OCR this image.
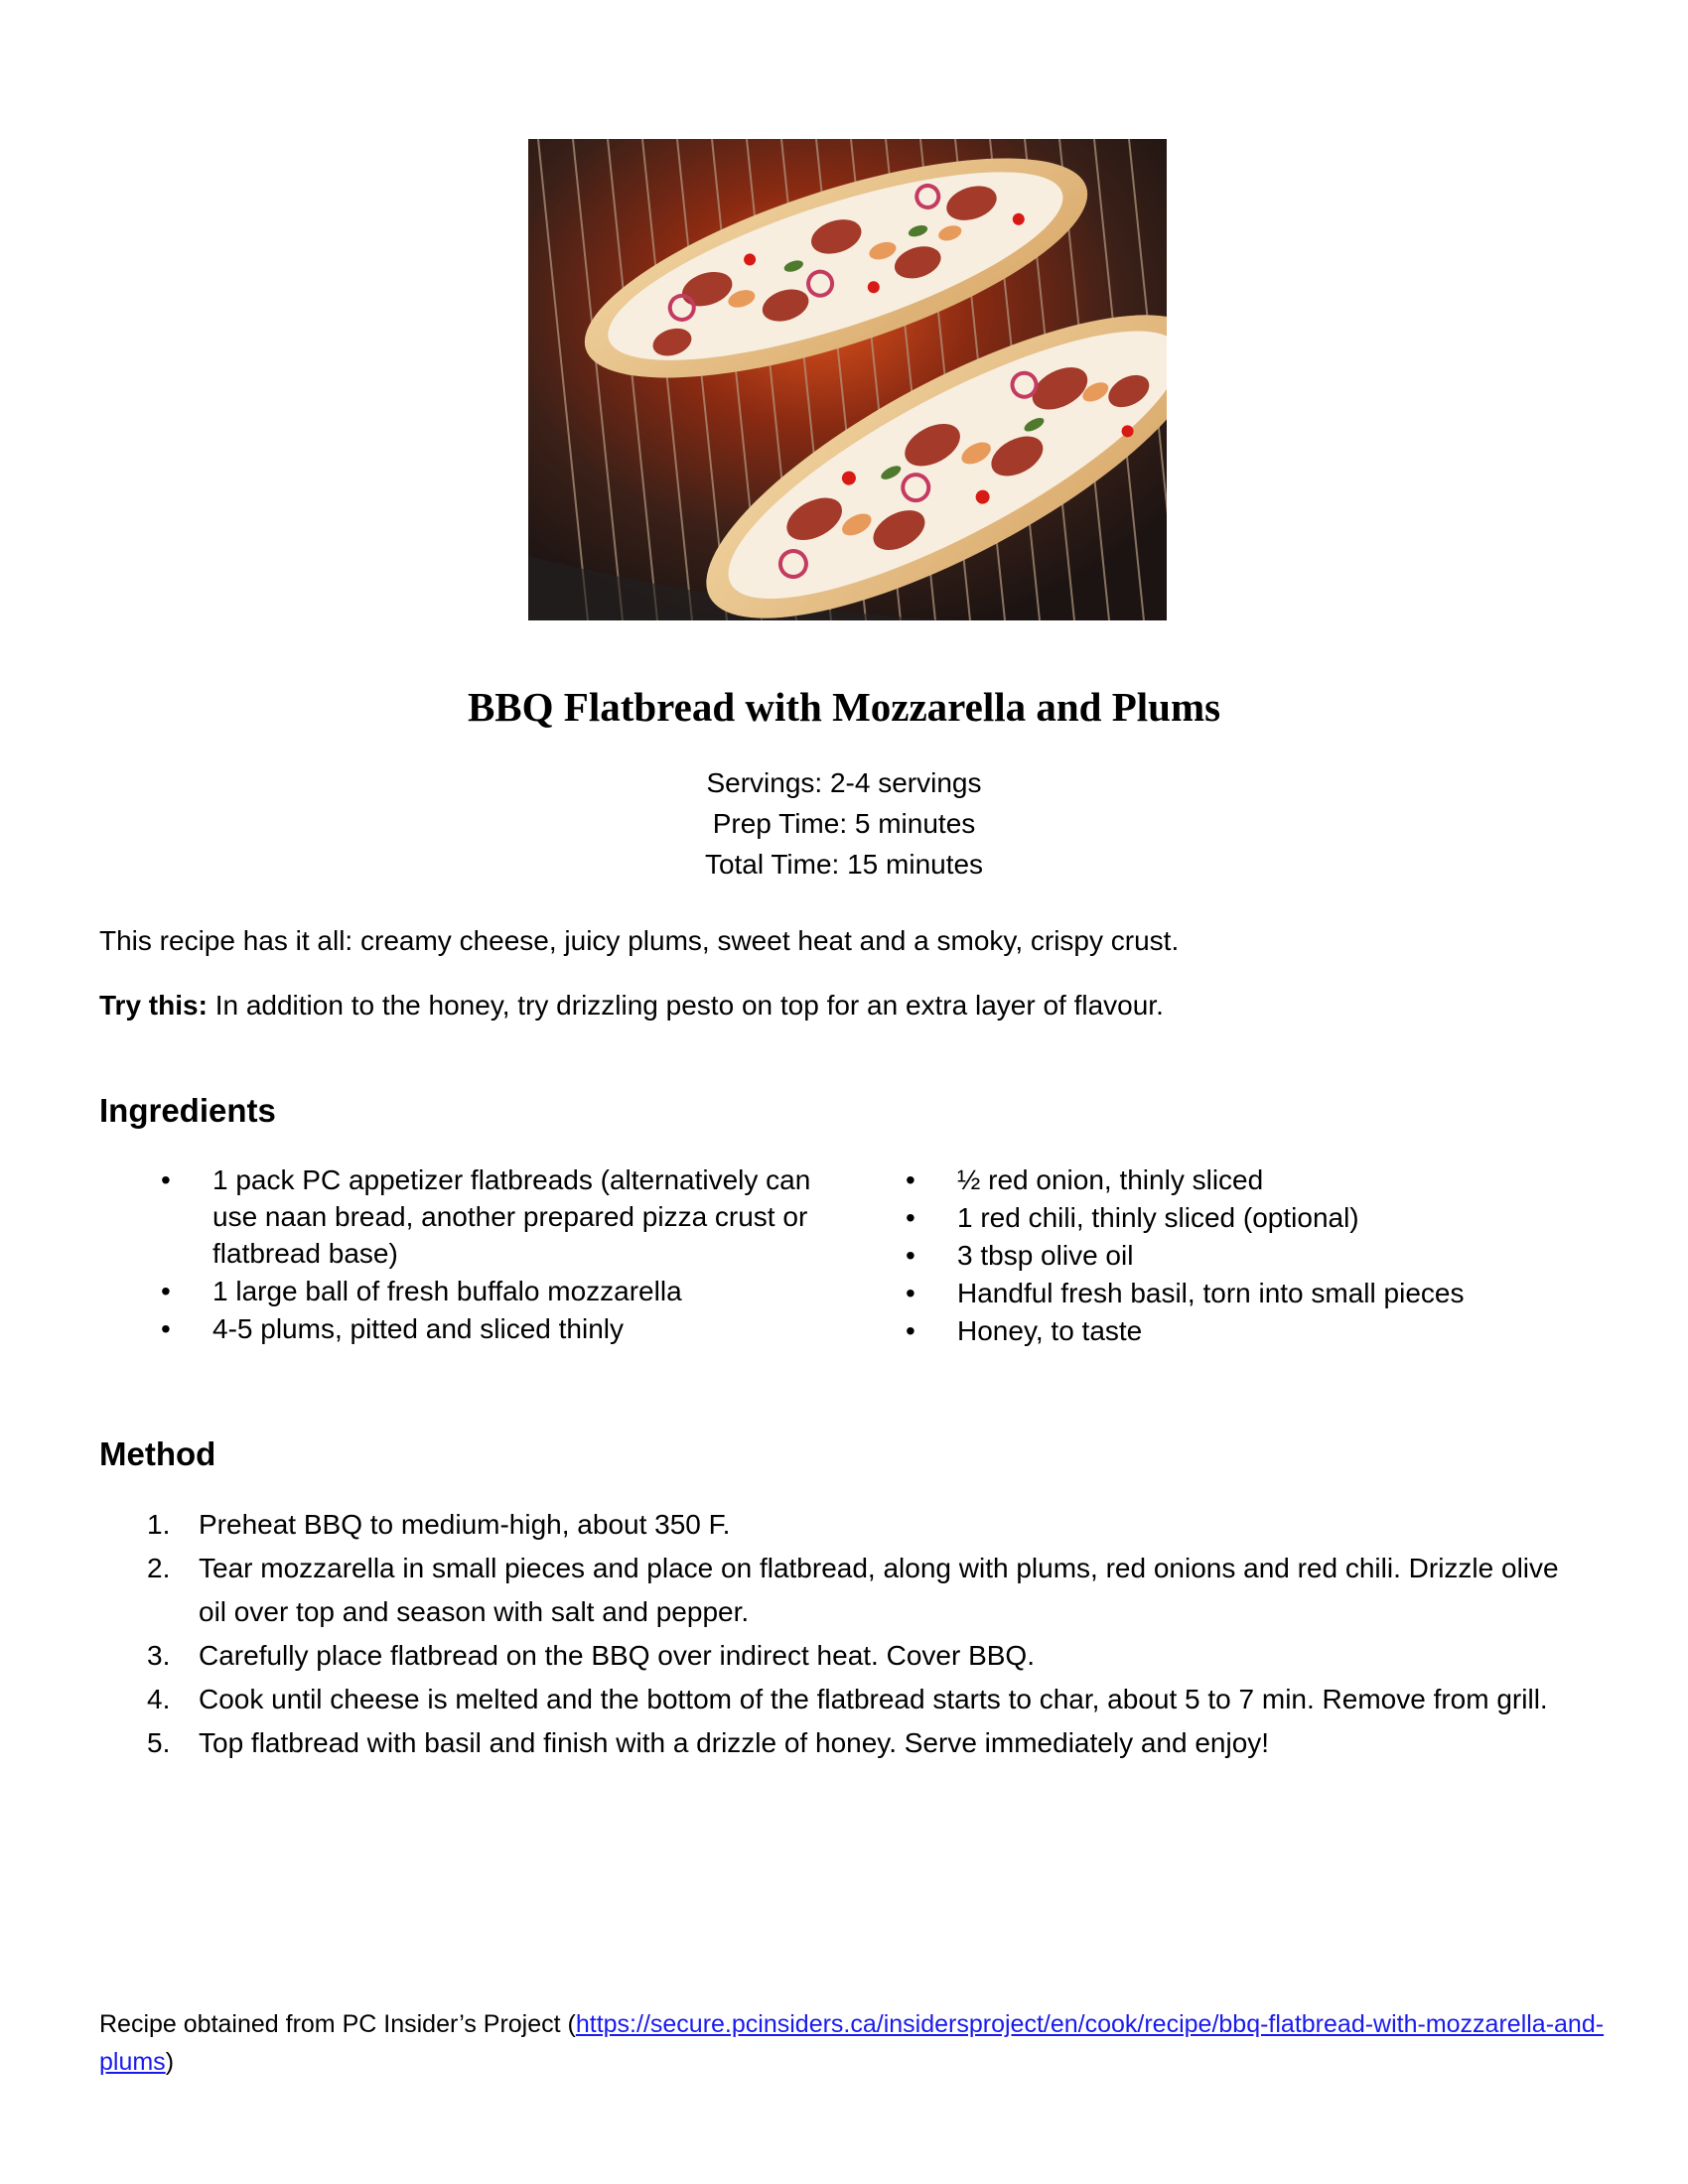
BBQ Flatbread with Mozzarella and Plums
Servings: 2-4 servings
Prep Time: 5 minutes
Total Time: 15 minutes
This recipe has it all: creamy cheese, juicy plums, sweet heat and a smoky, crispy crust.
Try this: In addition to the honey, try drizzling pesto on top for an extra layer of flavour.
Ingredients
• 1 pack PC appetizer flatbreads (alternatively can use naan bread, another prepared pizza crust or flatbread base)
• 1 large ball of fresh buffalo mozzarella
• 4-5 plums, pitted and sliced thinly
• ½ red onion, thinly sliced
• 1 red chili, thinly sliced (optional)
• 3 tbsp olive oil
• Handful fresh basil, torn into small pieces
• Honey, to taste
Method
1. Preheat BBQ to medium-high, about 350 F.
2. Tear mozzarella in small pieces and place on flatbread, along with plums, red onions and red chili. Drizzle olive oil over top and season with salt and pepper.
3. Carefully place flatbread on the BBQ over indirect heat. Cover BBQ.
4. Cook until cheese is melted and the bottom of the flatbread starts to char, about 5 to 7 min. Remove from grill.
5. Top flatbread with basil and finish with a drizzle of honey. Serve immediately and enjoy!
Recipe obtained from PC Insider’s Project (https://secure.pcinsiders.ca/insidersproject/en/cook/recipe/bbq-flatbread-with-mozzarella-and-plums)
